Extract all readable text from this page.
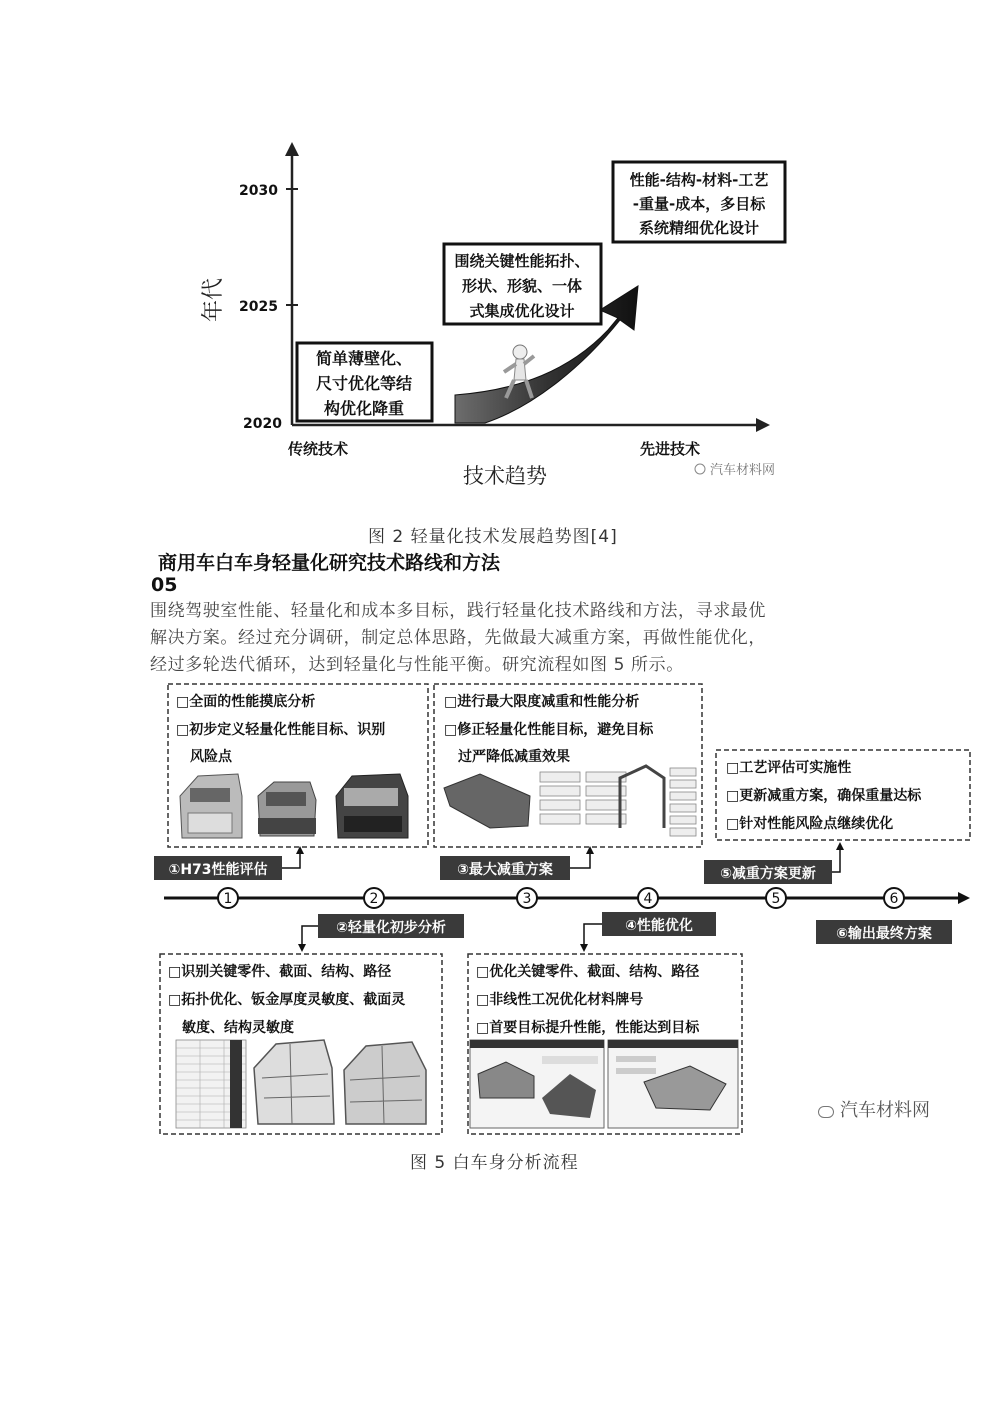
2030
2025
2020
年代
传统技术	先进技术
技术趋势
简单薄壁化、
尺寸优化等结
构优化降重
围绕关键性能拓扑、
形状、形貌、一体
式集成优化设计
性能-结构-材料-工艺
-重量-成本，多目标
系统精细优化设计
汽车材料网
图 2 轻量化技术发展趋势图[4]
商用车白车身轻量化研究技术路线和方法
05
围绕驾驶室性能、轻量化和成本多目标，践行轻量化技术路线和方法，寻求最优
解决方案。经过充分调研，制定总体思路，先做最大减重方案，再做性能优化，
经过多轮迭代循环，达到轻量化与性能平衡。研究流程如图 5 所示。
□全面的性能摸底分析
□初步定义轻量化性能目标、识别
风险点
□进行最大限度减重和性能分析
□修正轻量化性能目标，避免目标
过严降低减重效果
□工艺评估可实施性
□更新减重方案，确保重量达标
□针对性能风险点继续优化
1	2	3	4	5	6
①H73性能评估
②轻量化初步分析
③最大减重方案
④性能优化
⑤减重方案更新
⑥输出最终方案
□识别关键零件、截面、结构、路径
□拓扑优化、钣金厚度灵敏度、截面灵
敏度、结构灵敏度
□优化关键零件、截面、结构、路径
□非线性工况优化材料牌号
□首要目标提升性能，性能达到目标
汽车材料网
图 5 白车身分析流程
